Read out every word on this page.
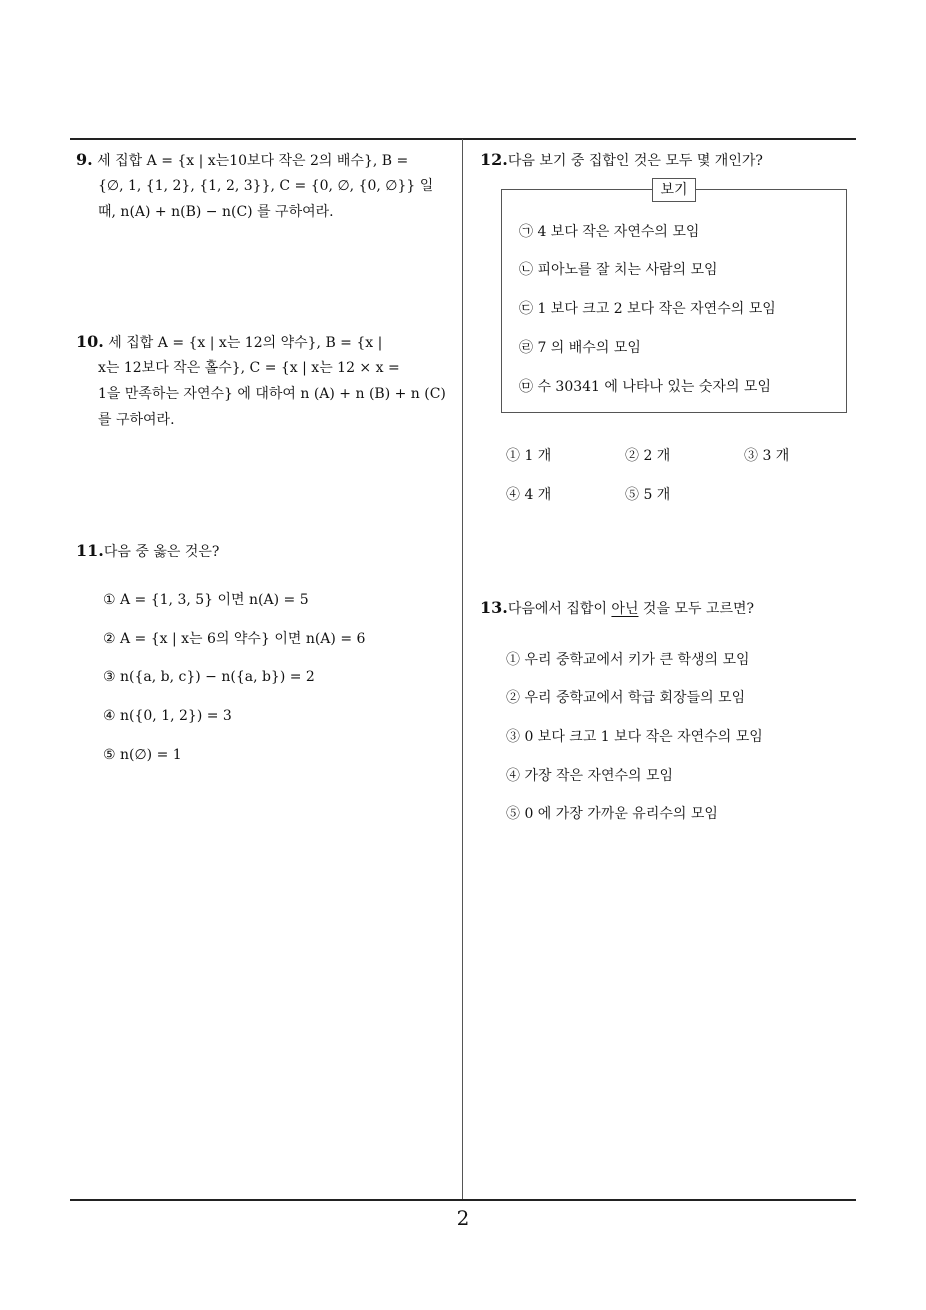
9. 세 집합 A = {x | x는10보다 작은 2의 배수}, B =
{∅, 1, {1, 2}, {1, 2, 3}}, C = {0, ∅, {0, ∅}} 일
때, n(A) + n(B) − n(C) 를 구하여라.
10. 세 집합 A = {x | x는 12의 약수}, B = {x |
x는 12보다 작은 홀수}, C = {x | x는 12 × x =
1을 만족하는 자연수} 에 대하여 n (A) + n (B) + n (C)
를 구하여라.
11.다음 중 옳은 것은?
① A = {1, 3, 5} 이면 n(A) = 5
② A = {x | x는 6의 약수} 이면 n(A) = 6
③ n({a, b, c}) − n({a, b}) = 2
④ n({0, 1, 2}) = 3
⑤ n(∅) = 1
12.다음 보기 중 집합인 것은 모두 몇 개인가?
보기
㉠ 4 보다 작은 자연수의 모임
㉡ 피아노를 잘 치는 사람의 모임
㉢ 1 보다 크고 2 보다 작은 자연수의 모임
㉣ 7 의 배수의 모임
㉤ 수 30341 에 나타나 있는 숫자의 모임
① 1 개	② 2 개	③ 3 개
④ 4 개	⑤ 5 개
13.다음에서 집합이 아닌 것을 모두 고르면?
① 우리 중학교에서 키가 큰 학생의 모임
② 우리 중학교에서 학급 회장들의 모임
③ 0 보다 크고 1 보다 작은 자연수의 모임
④ 가장 작은 자연수의 모임
⑤ 0 에 가장 가까운 유리수의 모임
2
